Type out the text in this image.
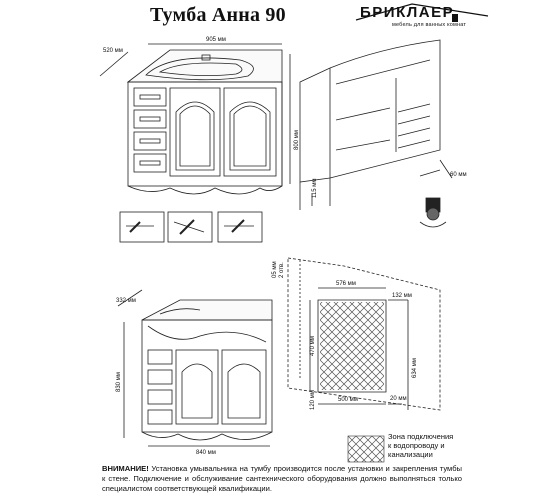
Тумба Анна 90	БРИКЛАЕР
мебель для ванных комнат
520 мм
905 мм
800 мм
115 мм
60 мм
332 мм
830 мм
840 мм
05 мм 2 отв.
576 мм
132 мм
470 мм
500 мм
120 мм
634 мм
20 мм
Зона подключения
к водопроводу и
канализации
ВНИМАНИЕ! Установка умывальника на тумбу производится после установки и закрепления тумбы к стене. Подключение и обслуживание сантехнического оборудования должно выполняться только специалистом соответствующей квалификации.
